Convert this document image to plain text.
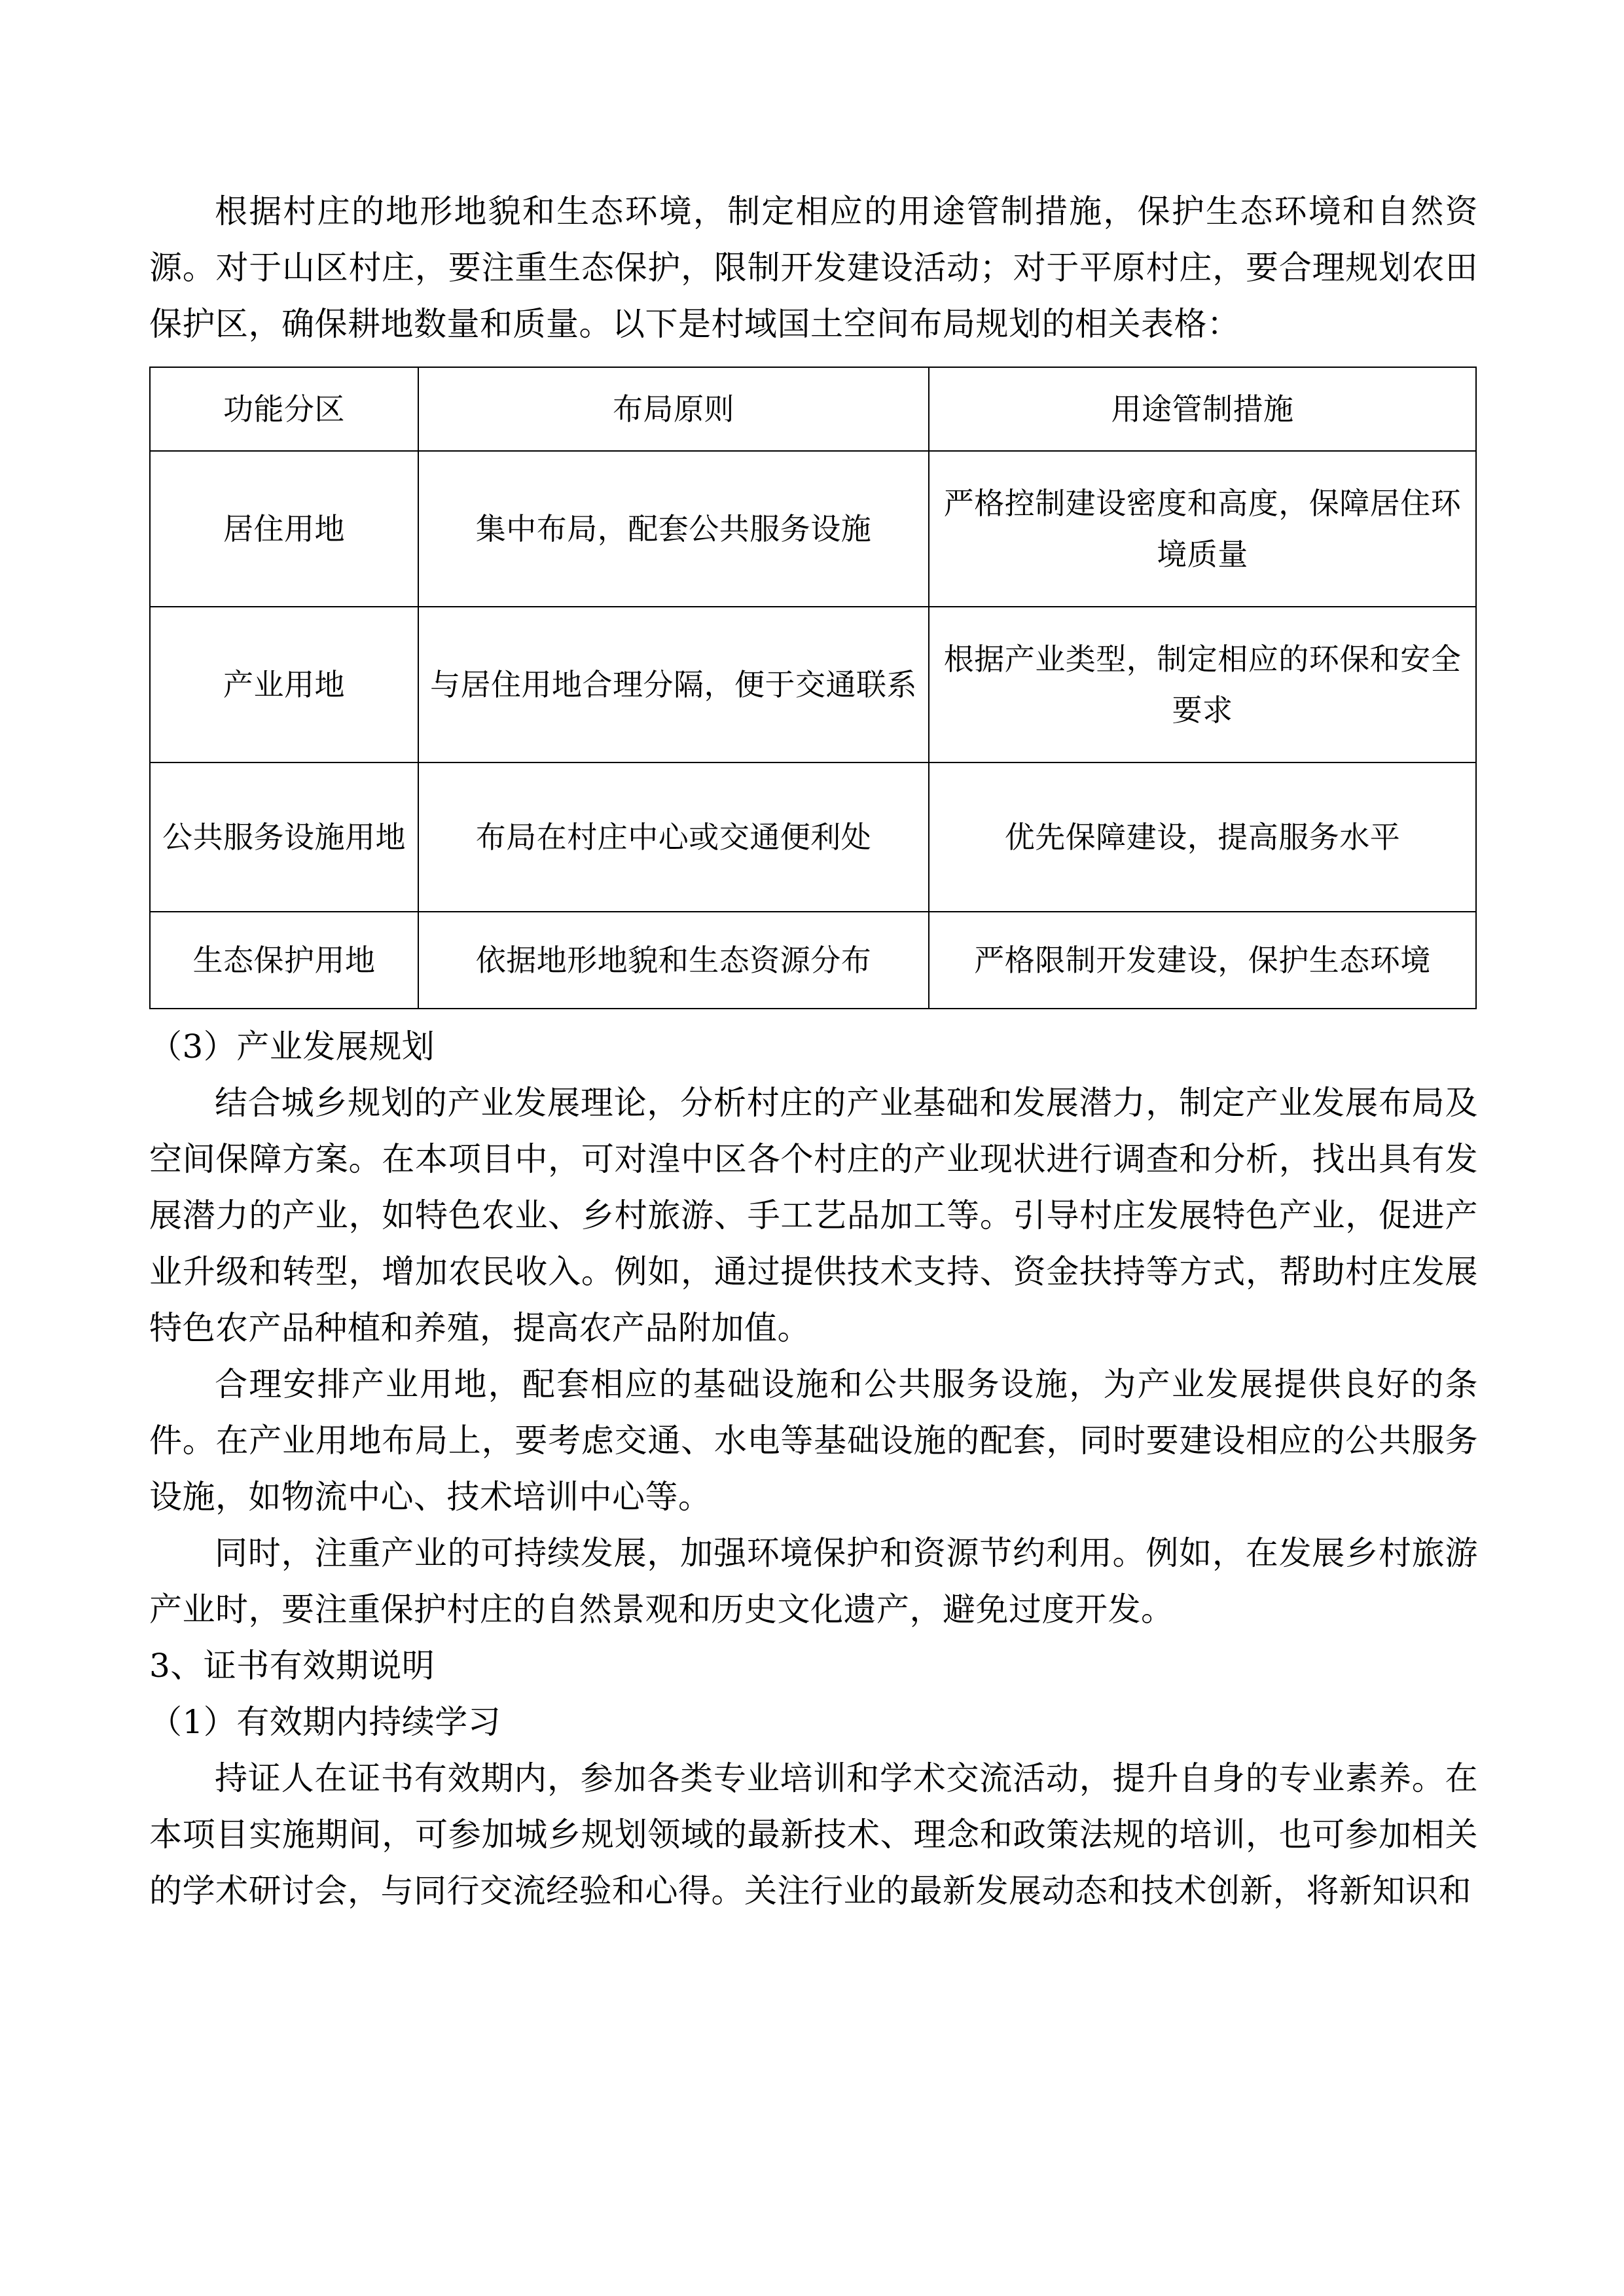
根据村庄的地形地貌和生态环境，制定相应的用途管制措施，保护生态环境和自然资源。对于山区村庄，要注重生态保护，限制开发建设活动；对于平原村庄，要合理规划农田保护区，确保耕地数量和质量。以下是村域国土空间布局规划的相关表格：

功能分区	布局原则	用途管制措施
居住用地	集中布局，配套公共服务设施	严格控制建设密度和高度，保障居住环境质量
产业用地	与居住用地合理分隔，便于交通联系	根据产业类型，制定相应的环保和安全要求
公共服务设施用地	布局在村庄中心或交通便利处	优先保障建设，提高服务水平
生态保护用地	依据地形地貌和生态资源分布	严格限制开发建设，保护生态环境

（3）产业发展规划

结合城乡规划的产业发展理论，分析村庄的产业基础和发展潜力，制定产业发展布局及空间保障方案。在本项目中，可对湟中区各个村庄的产业现状进行调查和分析，找出具有发展潜力的产业，如特色农业、乡村旅游、手工艺品加工等。引导村庄发展特色产业，促进产业升级和转型，增加农民收入。例如，通过提供技术支持、资金扶持等方式，帮助村庄发展特色农产品种植和养殖，提高农产品附加值。

合理安排产业用地，配套相应的基础设施和公共服务设施，为产业发展提供良好的条件。在产业用地布局上，要考虑交通、水电等基础设施的配套，同时要建设相应的公共服务设施，如物流中心、技术培训中心等。

同时，注重产业的可持续发展，加强环境保护和资源节约利用。例如，在发展乡村旅游产业时，要注重保护村庄的自然景观和历史文化遗产，避免过度开发。

3、证书有效期说明

（1）有效期内持续学习

持证人在证书有效期内，参加各类专业培训和学术交流活动，提升自身的专业素养。在本项目实施期间，可参加城乡规划领域的最新技术、理念和政策法规的培训，也可参加相关的学术研讨会，与同行交流经验和心得。关注行业的最新发展动态和技术创新，将新知识和
